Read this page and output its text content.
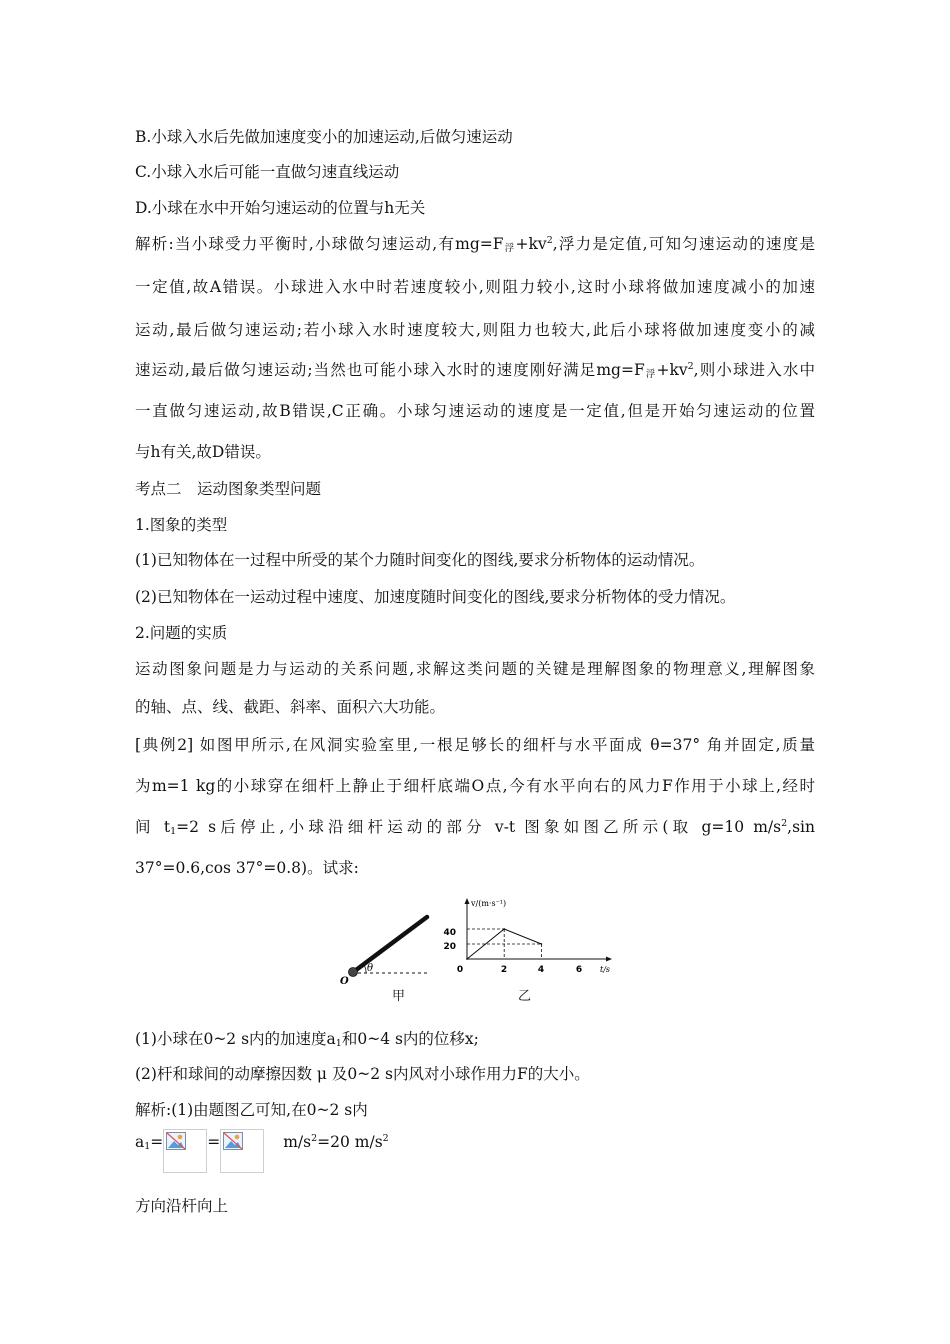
B.小球入水后先做加速度变小的加速运动,后做匀速运动
C.小球入水后可能一直做匀速直线运动
D.小球在水中开始匀速运动的位置与h无关
解析:当小球受力平衡时,小球做匀速运动,有$mg=F_浮+kv^2$,浮力是定值,可知匀速运动的速度是
一定值,故A错误。小球进入水中时若速度较小,则阻力较小,这时小球将做加速度减小的加速
运动,最后做匀速运动;若小球入水时速度较大,则阻力也较大,此后小球将做加速度变小的减
速运动,最后做匀速运动;当然也可能小球入水时的速度刚好满足$mg=F_浮+kv^2$,则小球进入水中
一直做匀速运动,故B错误,C正确。小球匀速运动的速度是一定值,但是开始匀速运动的位置
与h有关,故D错误。
考点二　运动图象类型问题
1.图象的类型
(1)已知物体在一过程中所受的某个力随时间变化的图线,要求分析物体的运动情况。
(2)已知物体在一运动过程中速度、加速度随时间变化的图线,要求分析物体的受力情况。
2.问题的实质
运动图象问题是力与运动的关系问题,求解这类问题的关键是理解图象的物理意义,理解图象
的轴、点、线、截距、斜率、面积六大功能。
[典例2] 如图甲所示,在风洞实验室里,一根足够长的细杆与水平面成 θ=37° 角并固定,质量
为m=1 kg的小球穿在细杆上静止于细杆底端O点,今有水平向右的风力F作用于小球上,经时
间 $t_1=2$ s后停止,小球沿细杆运动的部分 v-t 图象如图乙所示(取 g=10 $m/s^2,\sin$
37°=0.6,cos 37°=0.8)。试求:
θ
O
v/(m·s⁻¹)
t/s
40
20
0	2	4	6
甲	乙
(1)小球在0~2 s内的加速度$a_1$和0~4 s内的位移x;
(2)杆和球间的动摩擦因数 μ 及0~2 s内风对小球作用力F的大小。
解析:(1)由题图乙可知,在0~2 s内
$a_1=$	=	$m/s^2=20$ $m/s^2$
方向沿杆向上
